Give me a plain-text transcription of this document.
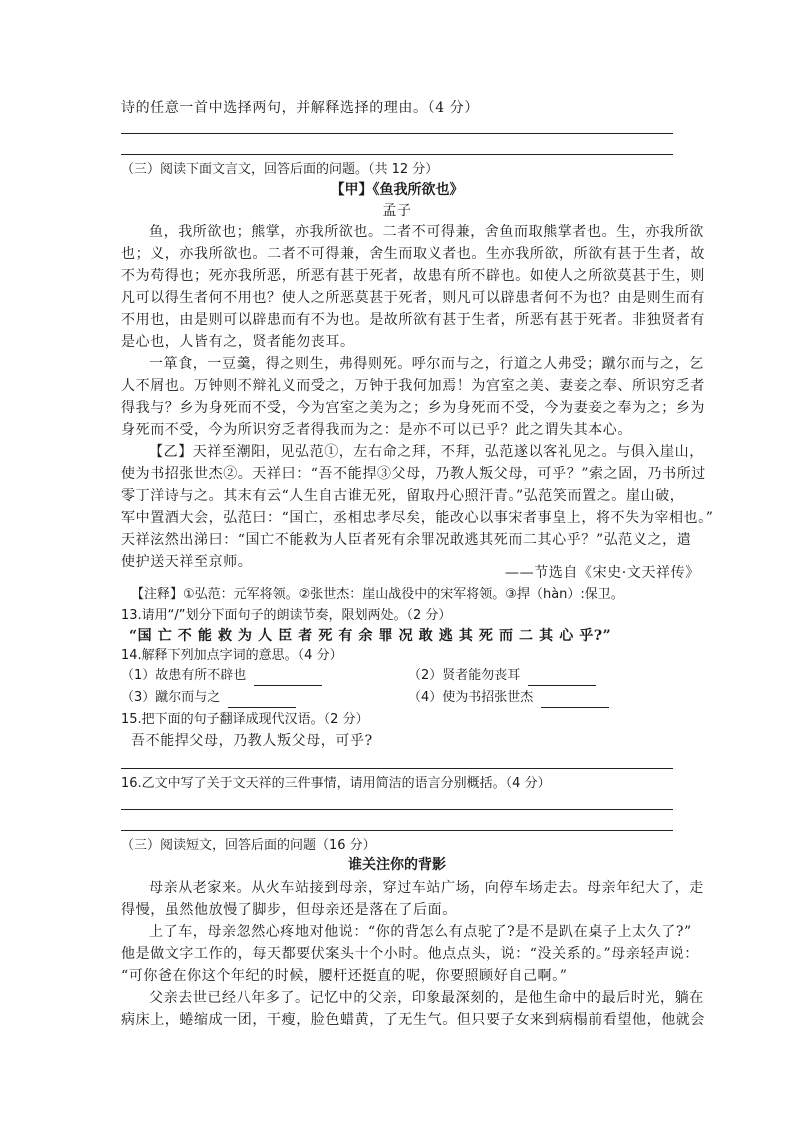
诗的任意一首中选择两句，并解释选择的理由。（4 分）
（三）阅读下面文言文，回答后面的问题。（共 12 分）
【甲】《鱼我所欲也》
孟子
鱼，我所欲也；熊掌，亦我所欲也。二者不可得兼，舍鱼而取熊掌者也。生，亦我所欲
也；义，亦我所欲也。二者不可得兼，舍生而取义者也。生亦我所欲，所欲有甚于生者，故
不为苟得也；死亦我所恶，所恶有甚于死者，故患有所不辟也。如使人之所欲莫甚于生，则
凡可以得生者何不用也？使人之所恶莫甚于死者，则凡可以辟患者何不为也？由是则生而有
不用也，由是则可以辟患而有不为也。是故所欲有甚于生者，所恶有甚于死者。非独贤者有
是心也，人皆有之，贤者能勿丧耳。
一箪食，一豆羹，得之则生，弗得则死。呼尔而与之，行道之人弗受；蹴尔而与之，乞
人不屑也。万钟则不辩礼义而受之，万钟于我何加焉！为宫室之美、妻妾之奉、所识穷乏者
得我与？乡为身死而不受，今为宫室之美为之；乡为身死而不受，今为妻妾之奉为之；乡为
身死而不受，今为所识穷乏者得我而为之：是亦不可以已乎？此之谓失其本心。
【乙】天祥至潮阳，见弘范①，左右命之拜，不拜，弘范遂以客礼见之。与俱入崖山，
使为书招张世杰②。天祥曰：“吾不能捍③父母，乃教人叛父母，可乎？”索之固，乃书所过
零丁洋诗与之。其末有云“人生自古谁无死，留取丹心照汗青。”弘范笑而置之。崖山破，
军中置酒大会，弘范曰：“国亡，丞相忠孝尽矣，能改心以事宋者事皇上，将不失为宰相也。”
天祥泫然出涕曰：“国亡不能救为人臣者死有余罪况敢逃其死而二其心乎？”弘范义之，遣
使护送天祥至京师。
——节选自《宋史·文天祥传》
【注释】①弘范：元军将领。②张世杰：崖山战役中的宋军将领。③捍（hàn）:保卫。
13.请用“/”划分下面句子的朗读节奏，限划两处。（2 分）
“国 亡 不 能 救 为 人 臣 者 死 有 余 罪 况 敢 逃 其 死 而 二 其 心 乎?”
14.解释下列加点字词的意思。（4 分）
（1）故患有所不辟也	（2）贤者能勿丧耳
（3）蹴尔而与之	（4）使为书招张世杰
15.把下面的句子翻译成现代汉语。（2 分）
吾不能捍父母，乃教人叛父母，可乎?
16.乙文中写了关于文天祥的三件事情，请用简洁的语言分别概括。（4 分）
（三）阅读短文，回答后面的问题（16 分）
谁关注你的背影
母亲从老家来。从火车站接到母亲，穿过车站广场，向停车场走去。母亲年纪大了，走
得慢，虽然他放慢了脚步，但母亲还是落在了后面。
上了车，母亲忽然心疼地对他说：“你的背怎么有点驼了?是不是趴在桌子上太久了?”
他是做文字工作的，每天都要伏案头十个小时。他点点头，说：“没关系的。”母亲轻声说：
“可你爸在你这个年纪的时候，腰杆还挺直的呢，你要照顾好自己啊。”
父亲去世已经八年多了。记忆中的父亲，印象最深刻的，是他生命中的最后时光，躺在
病床上，蜷缩成一团，干瘦，脸色蜡黄，了无生气。但只要子女来到病榻前看望他，他就会
